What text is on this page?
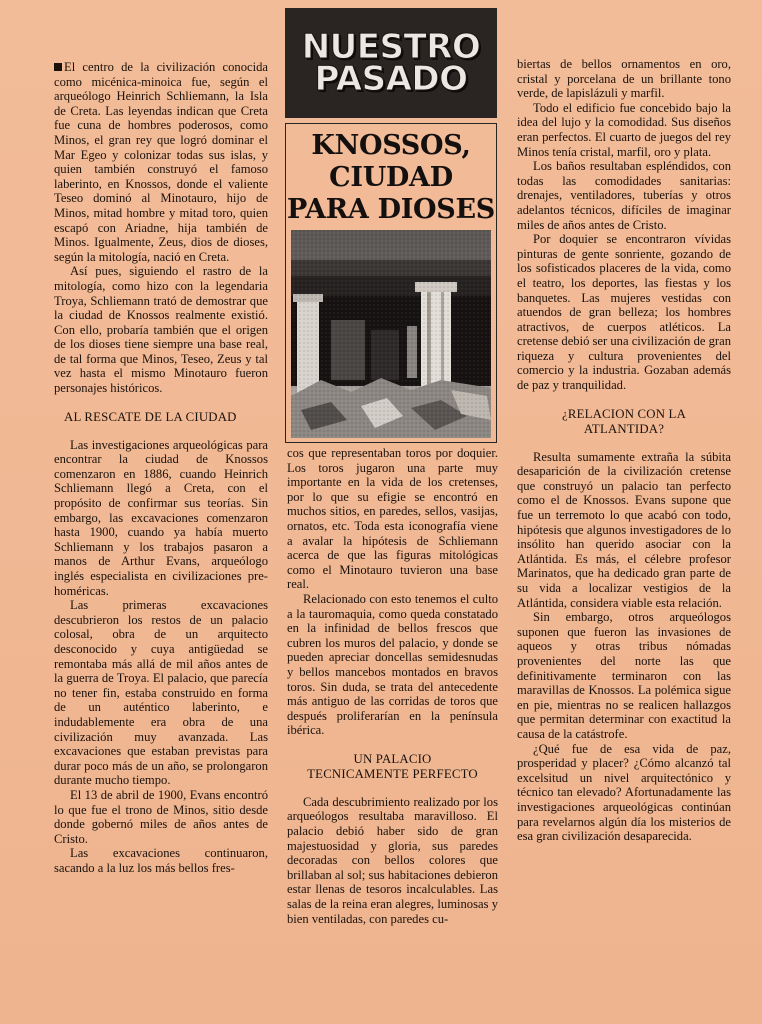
NUESTRO
PASADO
KNOSSOS,
CIUDAD
PARA DIOSES

El centro de la civilización conocida como micénica-minoica fue, según el arqueólogo Heinrich Schliemann, la Isla de Creta. Las leyendas indican que Creta fue cuna de hombres poderosos, como Minos, el gran rey que logró dominar el Mar Egeo y colonizar todas sus islas, y quien también construyó el famoso laberinto, en Knossos, donde el valiente Teseo dominó al Minotauro, hijo de Minos, mitad hombre y mitad toro, quien escapó con Ariadne, hija también de Minos. Igualmente, Zeus, dios de dioses, según la mitología, nació en Creta.

Así pues, siguiendo el rastro de la mitología, como hizo con la legendaria Troya, Schliemann trató de demostrar que la ciudad de Knossos realmente existió. Con ello, probaría también que el origen de los dioses tiene siempre una base real, de tal forma que Minos, Teseo, Zeus y tal vez hasta el mismo Minotauro fueron personajes históricos.

AL RESCATE DE LA CIUDAD

Las investigaciones arqueológicas para encontrar la ciudad de Knossos comenzaron en 1886, cuando Heinrich Schliemann llegó a Creta, con el propósito de confirmar sus teorías. Sin embargo, las excavaciones comenzaron hasta 1900, cuando ya había muerto Schliemann y los trabajos pasaron a manos de Arthur Evans, arqueólogo inglés especialista en civilizaciones pre-homéricas.

Las primeras excavaciones descubrieron los restos de un palacio colosal, obra de un arquitecto desconocido y cuya antigüedad se remontaba más allá de mil años antes de la guerra de Troya. El palacio, que parecía no tener fin, estaba construido en forma de un auténtico laberinto, e indudablemente era obra de una civilización muy avanzada. Las excavaciones que estaban previstas para durar poco más de un año, se prolongaron durante mucho tiempo.

El 13 de abril de 1900, Evans encontró lo que fue el trono de Minos, sitio desde donde gobernó miles de años antes de Cristo.

Las excavaciones continuaron, sacando a la luz los más bellos fres-

cos que representaban toros por doquier. Los toros jugaron una parte muy importante en la vida de los cretenses, por lo que su efigie se encontró en muchos sitios, en paredes, sellos, vasijas, ornatos, etc. Toda esta iconografía viene a avalar la hipótesis de Schliemann acerca de que las figuras mitológicas como el Minotauro tuvieron una base real.

Relacionado con esto tenemos el culto a la tauromaquia, como queda constatado en la infinidad de bellos frescos que cubren los muros del palacio, y donde se pueden apreciar doncellas semidesnudas y bellos mancebos montados en bravos toros. Sin duda, se trata del antecedente más antiguo de las corridas de toros que después proliferarían en la península ibérica.

UN PALACIO
TECNICAMENTE PERFECTO

Cada descubrimiento realizado por los arqueólogos resultaba maravilloso. El palacio debió haber sido de gran majestuosidad y gloria, sus paredes decoradas con bellos colores que brillaban al sol; sus habitaciones debieron estar llenas de tesoros incalculables. Las salas de la reina eran alegres, luminosas y bien ventiladas, con paredes cu-

biertas de bellos ornamentos en oro, cristal y porcelana de un brillante tono verde, de lapislázuli y marfil.

Todo el edificio fue concebido bajo la idea del lujo y la comodidad. Sus diseños eran perfectos. El cuarto de juegos del rey Minos tenía cristal, marfil, oro y plata.

Los baños resultaban espléndidos, con todas las comodidades sanitarias: drenajes, ventiladores, tuberías y otros adelantos técnicos, difíciles de imaginar miles de años antes de Cristo.

Por doquier se encontraron vívidas pinturas de gente sonriente, gozando de los sofisticados placeres de la vida, como el teatro, los deportes, las fiestas y los banquetes. Las mujeres vestidas con atuendos de gran belleza; los hombres atractivos, de cuerpos atléticos. La cretense debió ser una civilización de gran riqueza y cultura provenientes del comercio y la industria. Gozaban además de paz y tranquilidad.

¿RELACION CON LA
ATLANTIDA?

Resulta sumamente extraña la súbita desaparición de la civilización cretense que construyó un palacio tan perfecto como el de Knossos. Evans supone que fue un terremoto lo que acabó con todo, hipótesis que algunos investigadores de lo insólito han querido asociar con la Atlántida. Es más, el célebre profesor Marinatos, que ha dedicado gran parte de su vida a localizar vestigios de la Atlántida, considera viable esta relación.

Sin embargo, otros arqueólogos suponen que fueron las invasiones de aqueos y otras tribus nómadas provenientes del norte las que definitivamente terminaron con las maravillas de Knossos. La polémica sigue en pie, mientras no se realicen hallazgos que permitan determinar con exactitud la causa de la catástrofe.

¿Qué fue de esa vida de paz, prosperidad y placer? ¿Cómo alcanzó tal excelsitud un nivel arquitectónico y técnico tan elevado? Afortunadamente las investigaciones arqueológicas continúan para revelarnos algún día los misterios de esa gran civilización desaparecida.
